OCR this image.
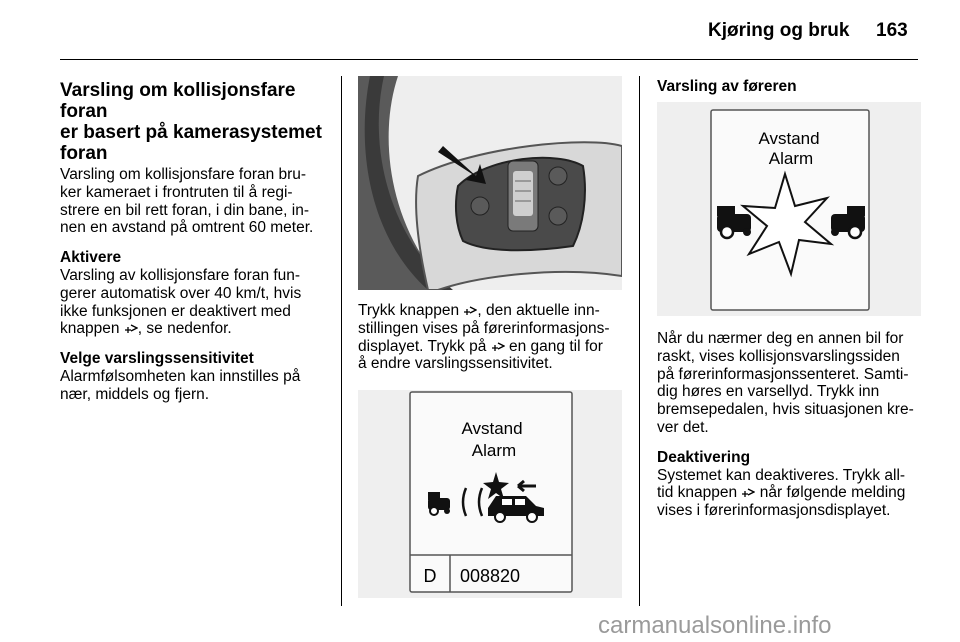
Kjøring og bruk 163
Varsling om kollisjonsfare foran
er basert på kamerasystemet
foran

Varsling om kollisjonsfare foran bru-
ker kameraet i frontruten til å regi-
strere en bil rett foran, i din bane, in-
nen en avstand på omtrent 60 meter.

Aktivere

Varsling av kollisjonsfare foran fun-
gerer automatisk over 40 km/t, hvis
ikke funksjonen er deaktivert med
knappen , se nedenfor.

Velge varslingssensitivitet

Alarmfølsomheten kan innstilles på
nær, middels og fjern.

Trykk knappen , den aktuelle inn-
stillingen vises på førerinformasjons-
displayet. Trykk på  en gang til for
å endre varslingssensitivitet.

Avstand
Alarm
D 008820
Varsling av føreren
Avstand
Alarm

Når du nærmer deg en annen bil for
raskt, vises kollisjonsvarslingssiden
på førerinformasjonssenteret. Samti-
dig høres en varsellyd. Trykk inn
bremsepedalen, hvis situasjonen kre-
ver det.

Deaktivering

Systemet kan deaktiveres. Trykk all-
tid knappen  når følgende melding
vises i førerinformasjonsdisplayet.

carmanualsonline.info
